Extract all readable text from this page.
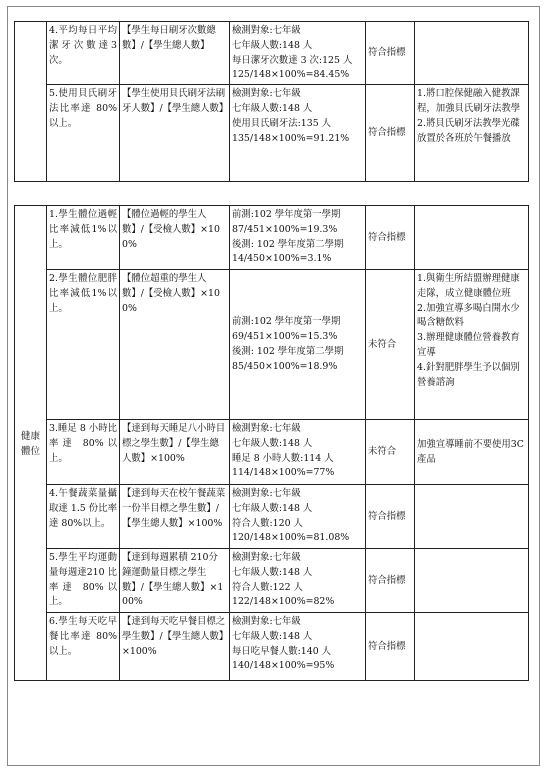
	4.平均每日平均潔牙次數達3次。	【學生每日刷牙次數總數】/【學生總人數】	檢測對象:七年級
七年級人數:148 人
每日潔牙次數達 3 次:125 人
125/148×100%=84.45%	符合指標	
	5.使用貝氏刷牙法比率達 80%以上。	【學生使用貝氏刷牙法刷牙人數】/【學生總人數】	檢測對象:七年級
七年級人數:148 人
使用貝氏刷牙法:135 人
135/148×100%=91.21%	符合指標	1.將口腔保健融入健教課程，加強貝氏刷牙法教學
2.將貝氏刷牙法教學光碟放置於各班於午餐播放
健康體位	1.學生體位過輕比率減低1%以上。	【體位過輕的學生人數】/【受檢人數】×100%	前測:102 學年度第一學期
87/451×100%=19.3%
後測: 102 學年度第二學期
14/450×100%=3.1%	符合指標	
	2.學生體位肥胖比率減低1%以上。	【體位超重的學生人數】/【受檢人數】×100%	前測:102 學年度第一學期
69/451×100%=15.3%
後測: 102 學年度第二學期
85/450×100%=18.9%	未符合	1.與衛生所結盟辦理健康走隊，成立健康體位班
2.加強宣導多喝白開水少喝含糖飲料
3.辦理健康體位營養教育宣導
4.針對肥胖學生予以個別營養諮詢

	3.睡足 8 小時比率達 80%以上。	【達到每天睡足八小時目標之學生數】/【學生總人數】×100%	檢測對象:七年級
七年級人數:148 人
睡足 8 小時人數:114 人
114/148×100%=77%	未符合	加強宣導睡前不要使用3C產品

	4.午餐蔬菜量攝取達 1.5 份比率達 80%以上。	【達到每天在校午餐蔬菜一份半目標之學生數】/【學生總人數】×100%	檢測對象:七年級
七年級人數:148 人
符合人數:120 人
120/148×100%=81.08%	符合指標	
	5.學生平均運動量每週達210 比率達 80%以上。	【達到每週累積 210分鐘運動量目標之學生數】/【學生總人數】×100%	檢測對象:七年級
七年級人數:148 人
符合人數:122 人
122/148×100%=82%	符合指標	
	6.學生每天吃早餐比率達 80%以上。	【達到每天吃早餐目標之學生數】/【學生總人數】×100%	檢測對象:七年級
七年級人數:148 人
每日吃早餐人數:140 人
140/148×100%=95%	符合指標	
